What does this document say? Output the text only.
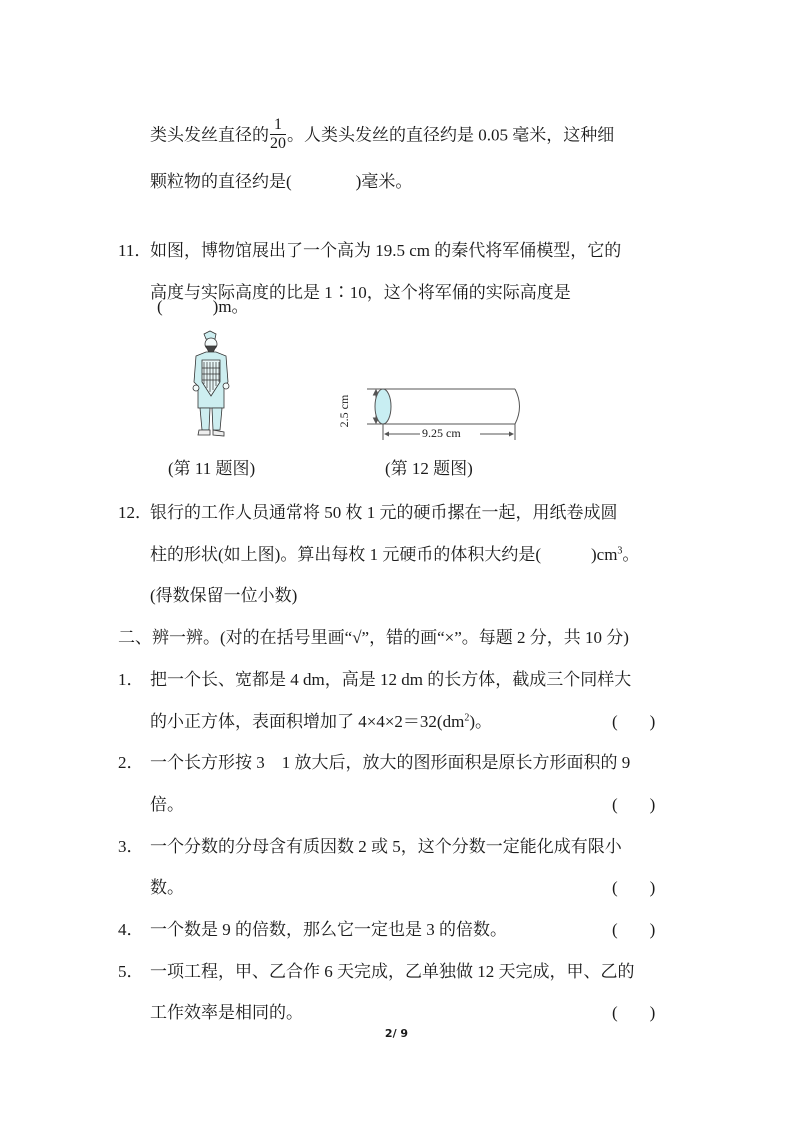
类头发丝直径的 $\frac{1}{20}$ 。人类头发丝的直径约是 0.05 毫米，这种细
颗粒物的直径约是(	)毫米。
11．如图，博物馆展出了一个高为 19.5 cm 的秦代将军俑模型，它的
高度与实际高度的比是 1∶10，这个将军俑的实际高度是
(	)m。
(第 11 题图)
2.5 cm
9.25 cm
(第 12 题图)
12．银行的工作人员通常将 50 枚 1 元的硬币摞在一起，用纸卷成圆
柱的形状(如上图)。算出每枚 1 元硬币的体积大约是(	)$cm^3$。
(得数保留一位小数)
二、辨一辨。(对的在括号里画“√”，错的画“×”。每题 2 分，共 10 分)
1． 把一个长、宽都是 4 dm，高是 12 dm 的长方体，截成三个同样大
的小正方体，表面积增加了 $4\times 4\times 2=32(dm^2)$。	( )
2． 一个长方形按 3　1 放大后，放大的图形面积是原长方形面积的 9
倍。	( )
3． 一个分数的分母含有质因数 2 或 5，这个分数一定能化成有限小
数。	( )
4． 一个数是 9 的倍数，那么它一定也是 3 的倍数。	( )
5． 一项工程，甲、乙合作 6 天完成，乙单独做 12 天完成，甲、乙的
工作效率是相同的。	( )
2/ 9
